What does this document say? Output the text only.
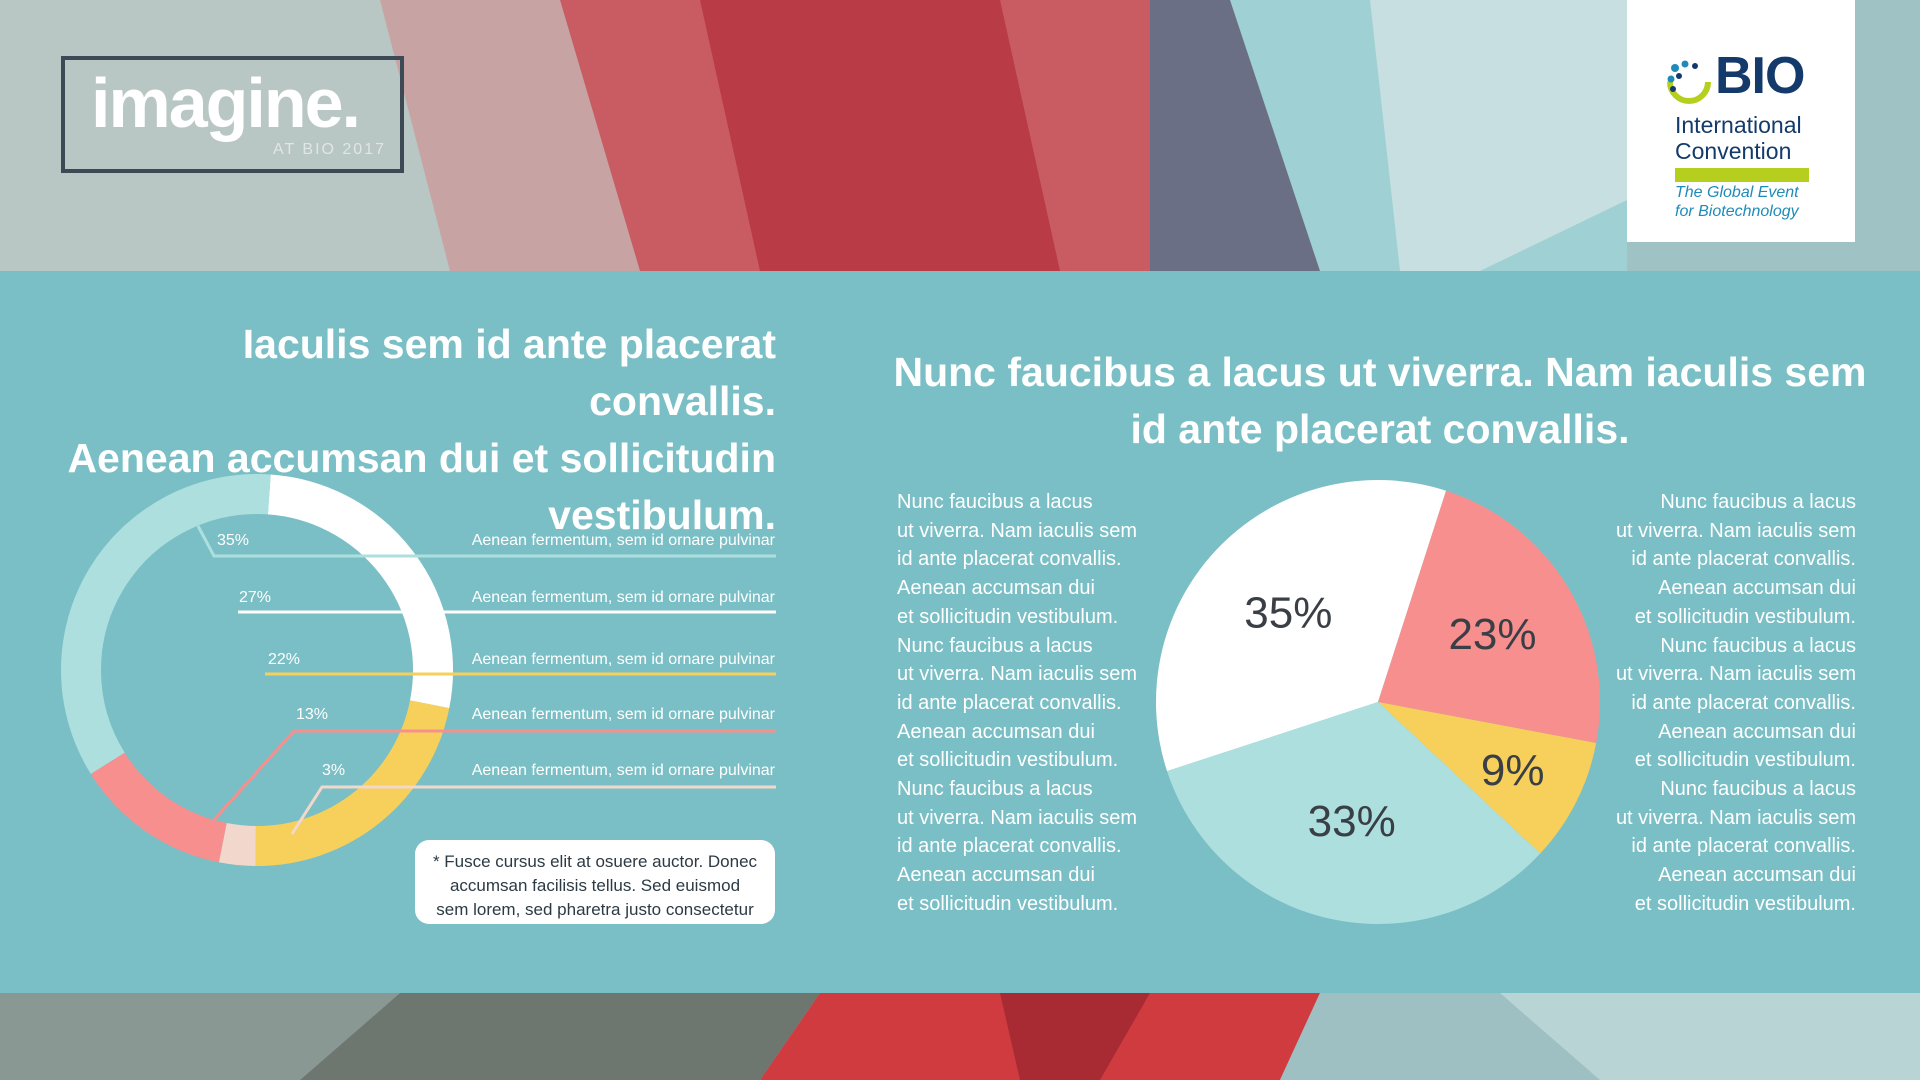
imagine.
AT BIO 2017
BIO
International
Convention
The Global Event
for Biotechnology
Iaculis sem id ante placerat convallis.
Aenean accumsan dui et sollicitudin
vestibulum.
35%	Aenean fermentum, sem id ornare pulvinar
27%	Aenean fermentum, sem id ornare pulvinar
22%	Aenean fermentum, sem id ornare pulvinar
13%	Aenean fermentum, sem id ornare pulvinar
3%	Aenean fermentum, sem id ornare pulvinar
* Fusce cursus elit at osuere auctor. Donec
accumsan facilisis tellus. Sed euismod
sem lorem, sed pharetra justo consectetur
Nunc faucibus a lacus ut viverra. Nam iaculis sem
id ante placerat convallis.
Nunc faucibus a lacus
ut viverra. Nam iaculis sem
id ante placerat convallis.
Aenean accumsan dui
et sollicitudin vestibulum.
Nunc faucibus a lacus
ut viverra. Nam iaculis sem
id ante placerat convallis.
Aenean accumsan dui
et sollicitudin vestibulum.
Nunc faucibus a lacus
ut viverra. Nam iaculis sem
id ante placerat convallis.
Aenean accumsan dui
et sollicitudin vestibulum.
Nunc faucibus a lacus
ut viverra. Nam iaculis sem
id ante placerat convallis.
Aenean accumsan dui
et sollicitudin vestibulum.
Nunc faucibus a lacus
ut viverra. Nam iaculis sem
id ante placerat convallis.
Aenean accumsan dui
et sollicitudin vestibulum.
Nunc faucibus a lacus
ut viverra. Nam iaculis sem
id ante placerat convallis.
Aenean accumsan dui
et sollicitudin vestibulum.
35%	23%
9%
33%
